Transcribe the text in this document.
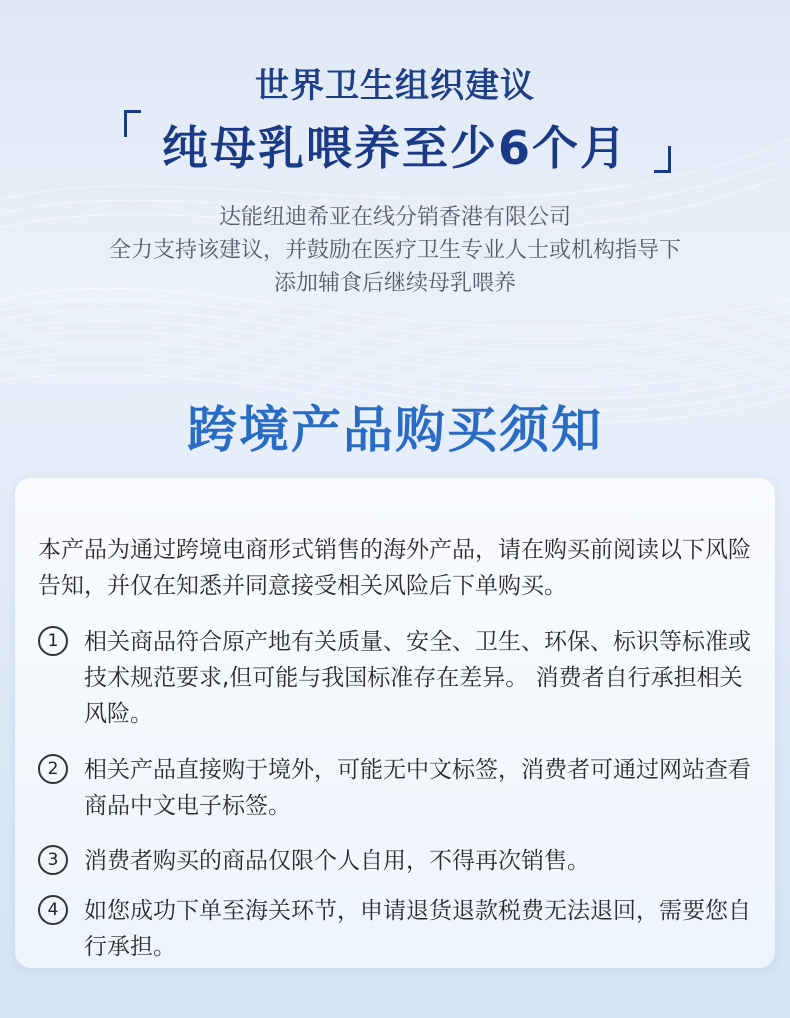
世界卫生组织建议
纯母乳喂养至少6个月
达能纽迪希亚在线分销香港有限公司
全力支持该建议，并鼓励在医疗卫生专业人士或机构指导下
添加辅食后继续母乳喂养
跨境产品购买须知

本产品为通过跨境电商形式销售的海外产品，请在购买前阅读以下风险告知，并仅在知悉并同意接受相关风险后下单购买。

1	相关商品符合原产地有关质量、安全、卫生、环保、标识等标准或技术规范要求,但可能与我国标准存在差异。 消费者自行承担相关风险。

2	相关产品直接购于境外，可能无中文标签，消费者可通过网站查看商品中文电子标签。

3	消费者购买的商品仅限个人自用，不得再次销售。

4	如您成功下单至海关环节，申请退货退款税费无法退回，需要您自行承担。
